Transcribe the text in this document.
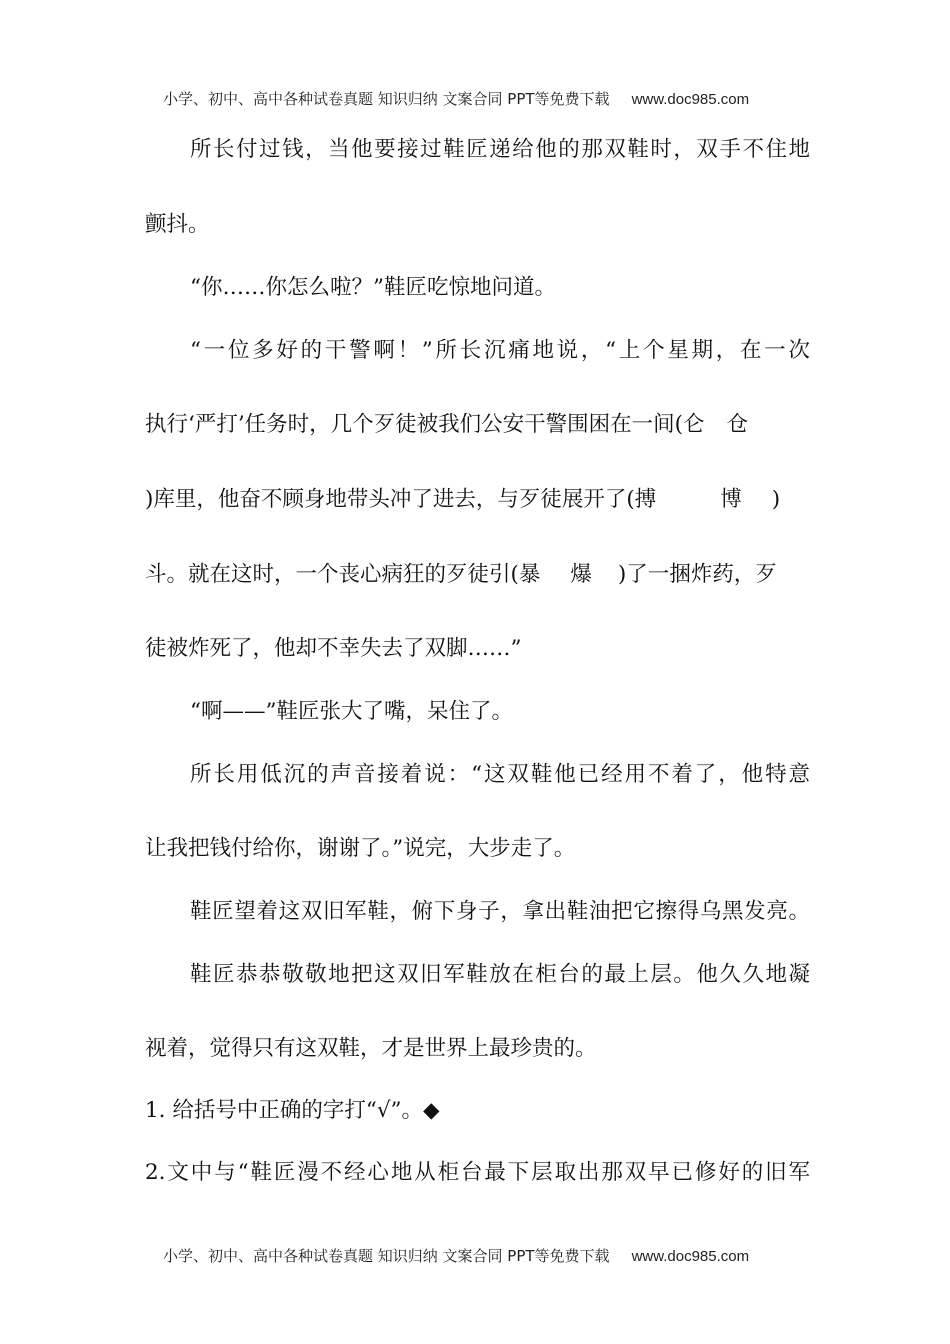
小学、初中、高中各种试卷真题 知识归纳 文案合同 PPT等免费下载 www.doc985.com
所长付过钱，当他要接过鞋匠递给他的那双鞋时，双手不住地
颤抖。
“你……你怎么啦？”鞋匠吃惊地问道。
“一位多好的干警啊！”所长沉痛地说，“上个星期，在一次
执行‘严打’任务时，几个歹徒被我们公安干警围困在一间(仑 仓
)库里，他奋不顾身地带头冲了进去，与歹徒展开了(搏	博 )
斗。就在这时，一个丧心病狂的歹徒引(暴 爆 )了一捆炸药，歹
徒被炸死了，他却不幸失去了双脚……”
“啊——”鞋匠张大了嘴，呆住了。
所长用低沉的声音接着说：“这双鞋他已经用不着了，他特意
让我把钱付给你，谢谢了。”说完，大步走了。
鞋匠望着这双旧军鞋，俯下身子，拿出鞋油把它擦得乌黑发亮。
鞋匠恭恭敬敬地把这双旧军鞋放在柜台的最上层。他久久地凝
视着，觉得只有这双鞋，才是世界上最珍贵的。
1. 给括号中正确的字打“√”。◆
2.文中与“鞋匠漫不经心地从柜台最下层取出那双早已修好的旧军
小学、初中、高中各种试卷真题 知识归纳 文案合同 PPT等免费下载 www.doc985.com
